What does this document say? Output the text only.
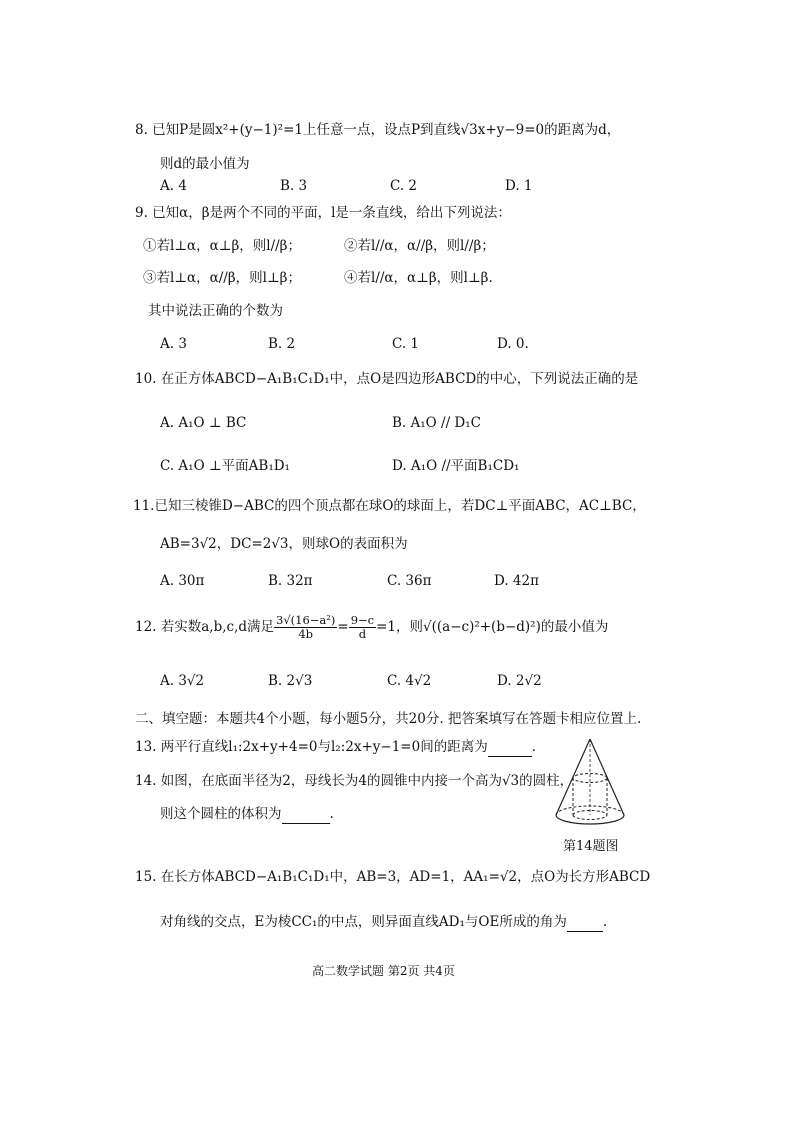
8. 已知P是圆x²+(y−1)²=1上任意一点，设点P到直线√3x+y−9=0的距离为d，
则d的最小值为
A. 4	B. 3	C. 2	D. 1
9. 已知α，β是两个不同的平面，l是一条直线，给出下列说法：
①若l⊥α，α⊥β，则l//β；	②若l//α，α//β，则l//β；
③若l⊥α，α//β，则l⊥β；	④若l//α，α⊥β，则l⊥β.
其中说法正确的个数为
A. 3	B. 2	C. 1	D. 0.
10. 在正方体ABCD−A₁B₁C₁D₁中，点O是四边形ABCD的中心，下列说法正确的是
A. A₁O ⊥ BC	B. A₁O // D₁C
C. A₁O ⊥平面AB₁D₁	D. A₁O //平面B₁CD₁
11.已知三棱锥D−ABC的四个顶点都在球O的球面上，若DC⊥平面ABC，AC⊥BC，
AB=3√2，DC=2√3，则球O的表面积为
A. 30π	B. 32π	C. 36π	D. 42π
12. 若实数a,b,c,d满足 $\frac{\text{3√(16−a²)}}{4b} = \frac{9-c}{d} =1$，则√((a−c)²+(b−d)²)的最小值为
A. 3√2	B. 2√3	C. 4√2	D. 2√2
二、填空题：本题共4个小题，每小题5分，共20分. 把答案填写在答题卡相应位置上.
13. 两平行直线l₁:2x+y+4=0与l₂:2x+y−1=0间的距离为	.
14. 如图，在底面半径为2，母线长为4的圆锥中内接一个高为√3的圆柱，
则这个圆柱的体积为	.
第14题图
15. 在长方体ABCD−A₁B₁C₁D₁中，AB=3，AD=1，AA₁=√2，点O为长方形ABCD
对角线的交点，E为棱CC₁的中点，则异面直线AD₁与OE所成的角为	.
高二数学试题 第2页 共4页
